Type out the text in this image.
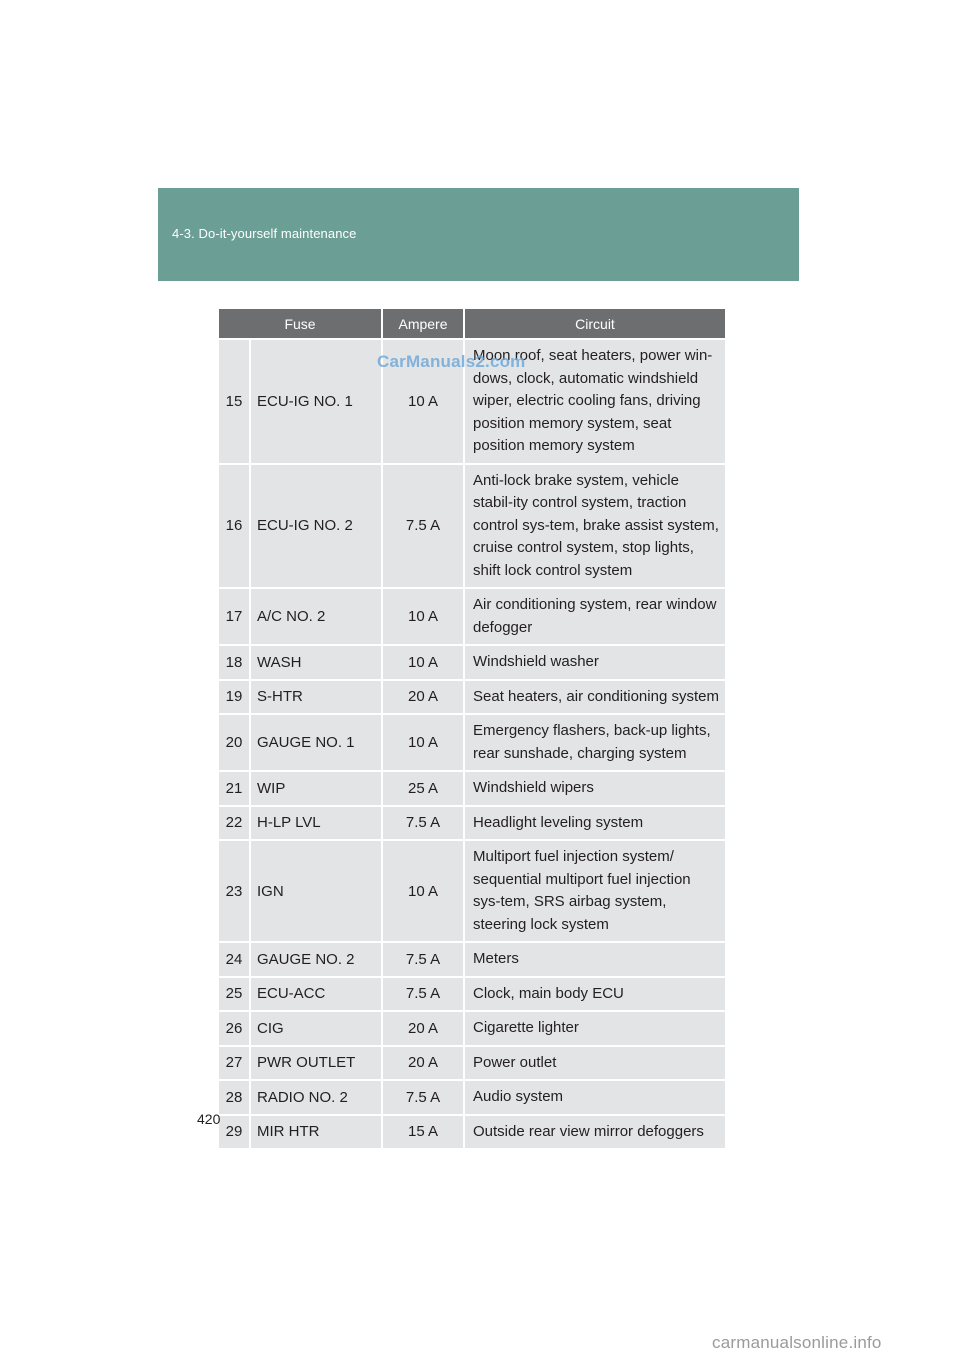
4-3. Do-it-yourself maintenance
Fuse		Ampere	Circuit
15	ECU-IG NO. 1	10 A	Moon roof, seat heaters, power win-dows, clock, automatic windshield wiper, electric cooling fans, driving position memory system, seat position memory system
16	ECU-IG NO. 2	7.5 A	Anti-lock brake system, vehicle stabil-ity control system, traction control sys-tem, brake assist system, cruise control system, stop lights, shift lock control system
17	A/C NO. 2	10 A	Air conditioning system, rear window defogger
18	WASH	10 A	Windshield washer
19	S-HTR	20 A	Seat heaters, air conditioning system
20	GAUGE NO. 1	10 A	Emergency flashers, back-up lights, rear sunshade, charging system
21	WIP	25 A	Windshield wipers
22	H-LP LVL	7.5 A	Headlight leveling system
23	IGN	10 A	Multiport fuel injection system/ sequential multiport fuel injection sys-tem, SRS airbag system, steering lock system
24	GAUGE NO. 2	7.5 A	Meters
25	ECU-ACC	7.5 A	Clock, main body ECU
26	CIG	20 A	Cigarette lighter
27	PWR OUTLET	20 A	Power outlet
28	RADIO NO. 2	7.5 A	Audio system
29	MIR HTR	15 A	Outside rear view mirror defoggers
CarManuals2.com
420
carmanualsonline.info
